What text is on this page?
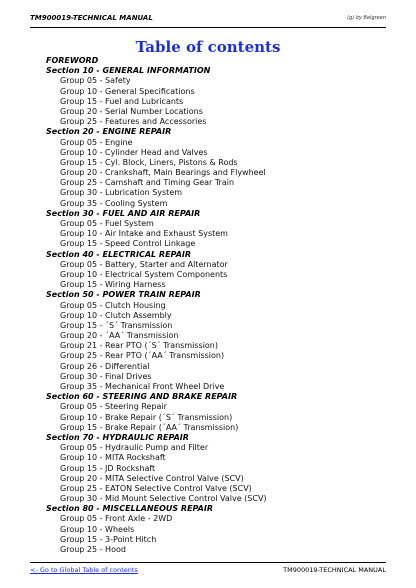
TM900019-TECHNICAL MANUAL	(g) by Belgreen
Table of contents
FOREWORD
Section 10 - GENERAL INFORMATION
Group 05 - Safety
Group 10 - General Specifications
Group 15 - Fuel and Lubricants
Group 20 - Serial Number Locations
Group 25 - Features and Accessories
Section 20 - ENGINE REPAIR
Group 05 - Engine
Group 10 - Cylinder Head and Valves
Group 15 - Cyl. Block, Liners, Pistons & Rods
Group 20 - Crankshaft, Main Bearings and Flywheel
Group 25 - Camshaft and Timing Gear Train
Group 30 - Lubrication System
Group 35 - Cooling System
Section 30 - FUEL AND AIR REPAIR
Group 05 - Fuel System
Group 10 - Air Intake and Exhaust System
Group 15 - Speed Control Linkage
Section 40 - ELECTRICAL REPAIR
Group 05 - Battery, Starter and Alternator
Group 10 - Electrical System Components
Group 15 - Wiring Harness
Section 50 - POWER TRAIN REPAIR
Group 05 - Clutch Housing
Group 10 - Clutch Assembly
Group 15 - ´S´ Transmission
Group 20 - ´AA´ Transmission
Group 21 - Rear PTO (´S´ Transmission)
Group 25 - Rear PTO (´AA´ Transmission)
Group 26 - Differential
Group 30 - Final Drives
Group 35 - Mechanical Front Wheel Drive
Section 60 - STEERING AND BRAKE REPAIR
Group 05 - Steering Repair
Group 10 - Brake Repair (´S´ Transmission)
Group 15 - Brake Repair (´AA´ Transmission)
Section 70 - HYDRAULIC REPAIR
Group 05 - Hydraulic Pump and Filter
Group 10 - MITA Rockshaft
Group 15 - JD Rockshaft
Group 20 - MITA Selective Control Valve (SCV)
Group 25 - EATON Selective Control Valve (SCV)
Group 30 - Mid Mount Selective Control Valve (SCV)
Section 80 - MISCELLANEOUS REPAIR
Group 05 - Front Axle - 2WD
Group 10 - Wheels
Group 15 - 3-Point Hitch
Group 25 - Hood
<- Go to Global Table of contents	TM900019-TECHNICAL MANUAL
